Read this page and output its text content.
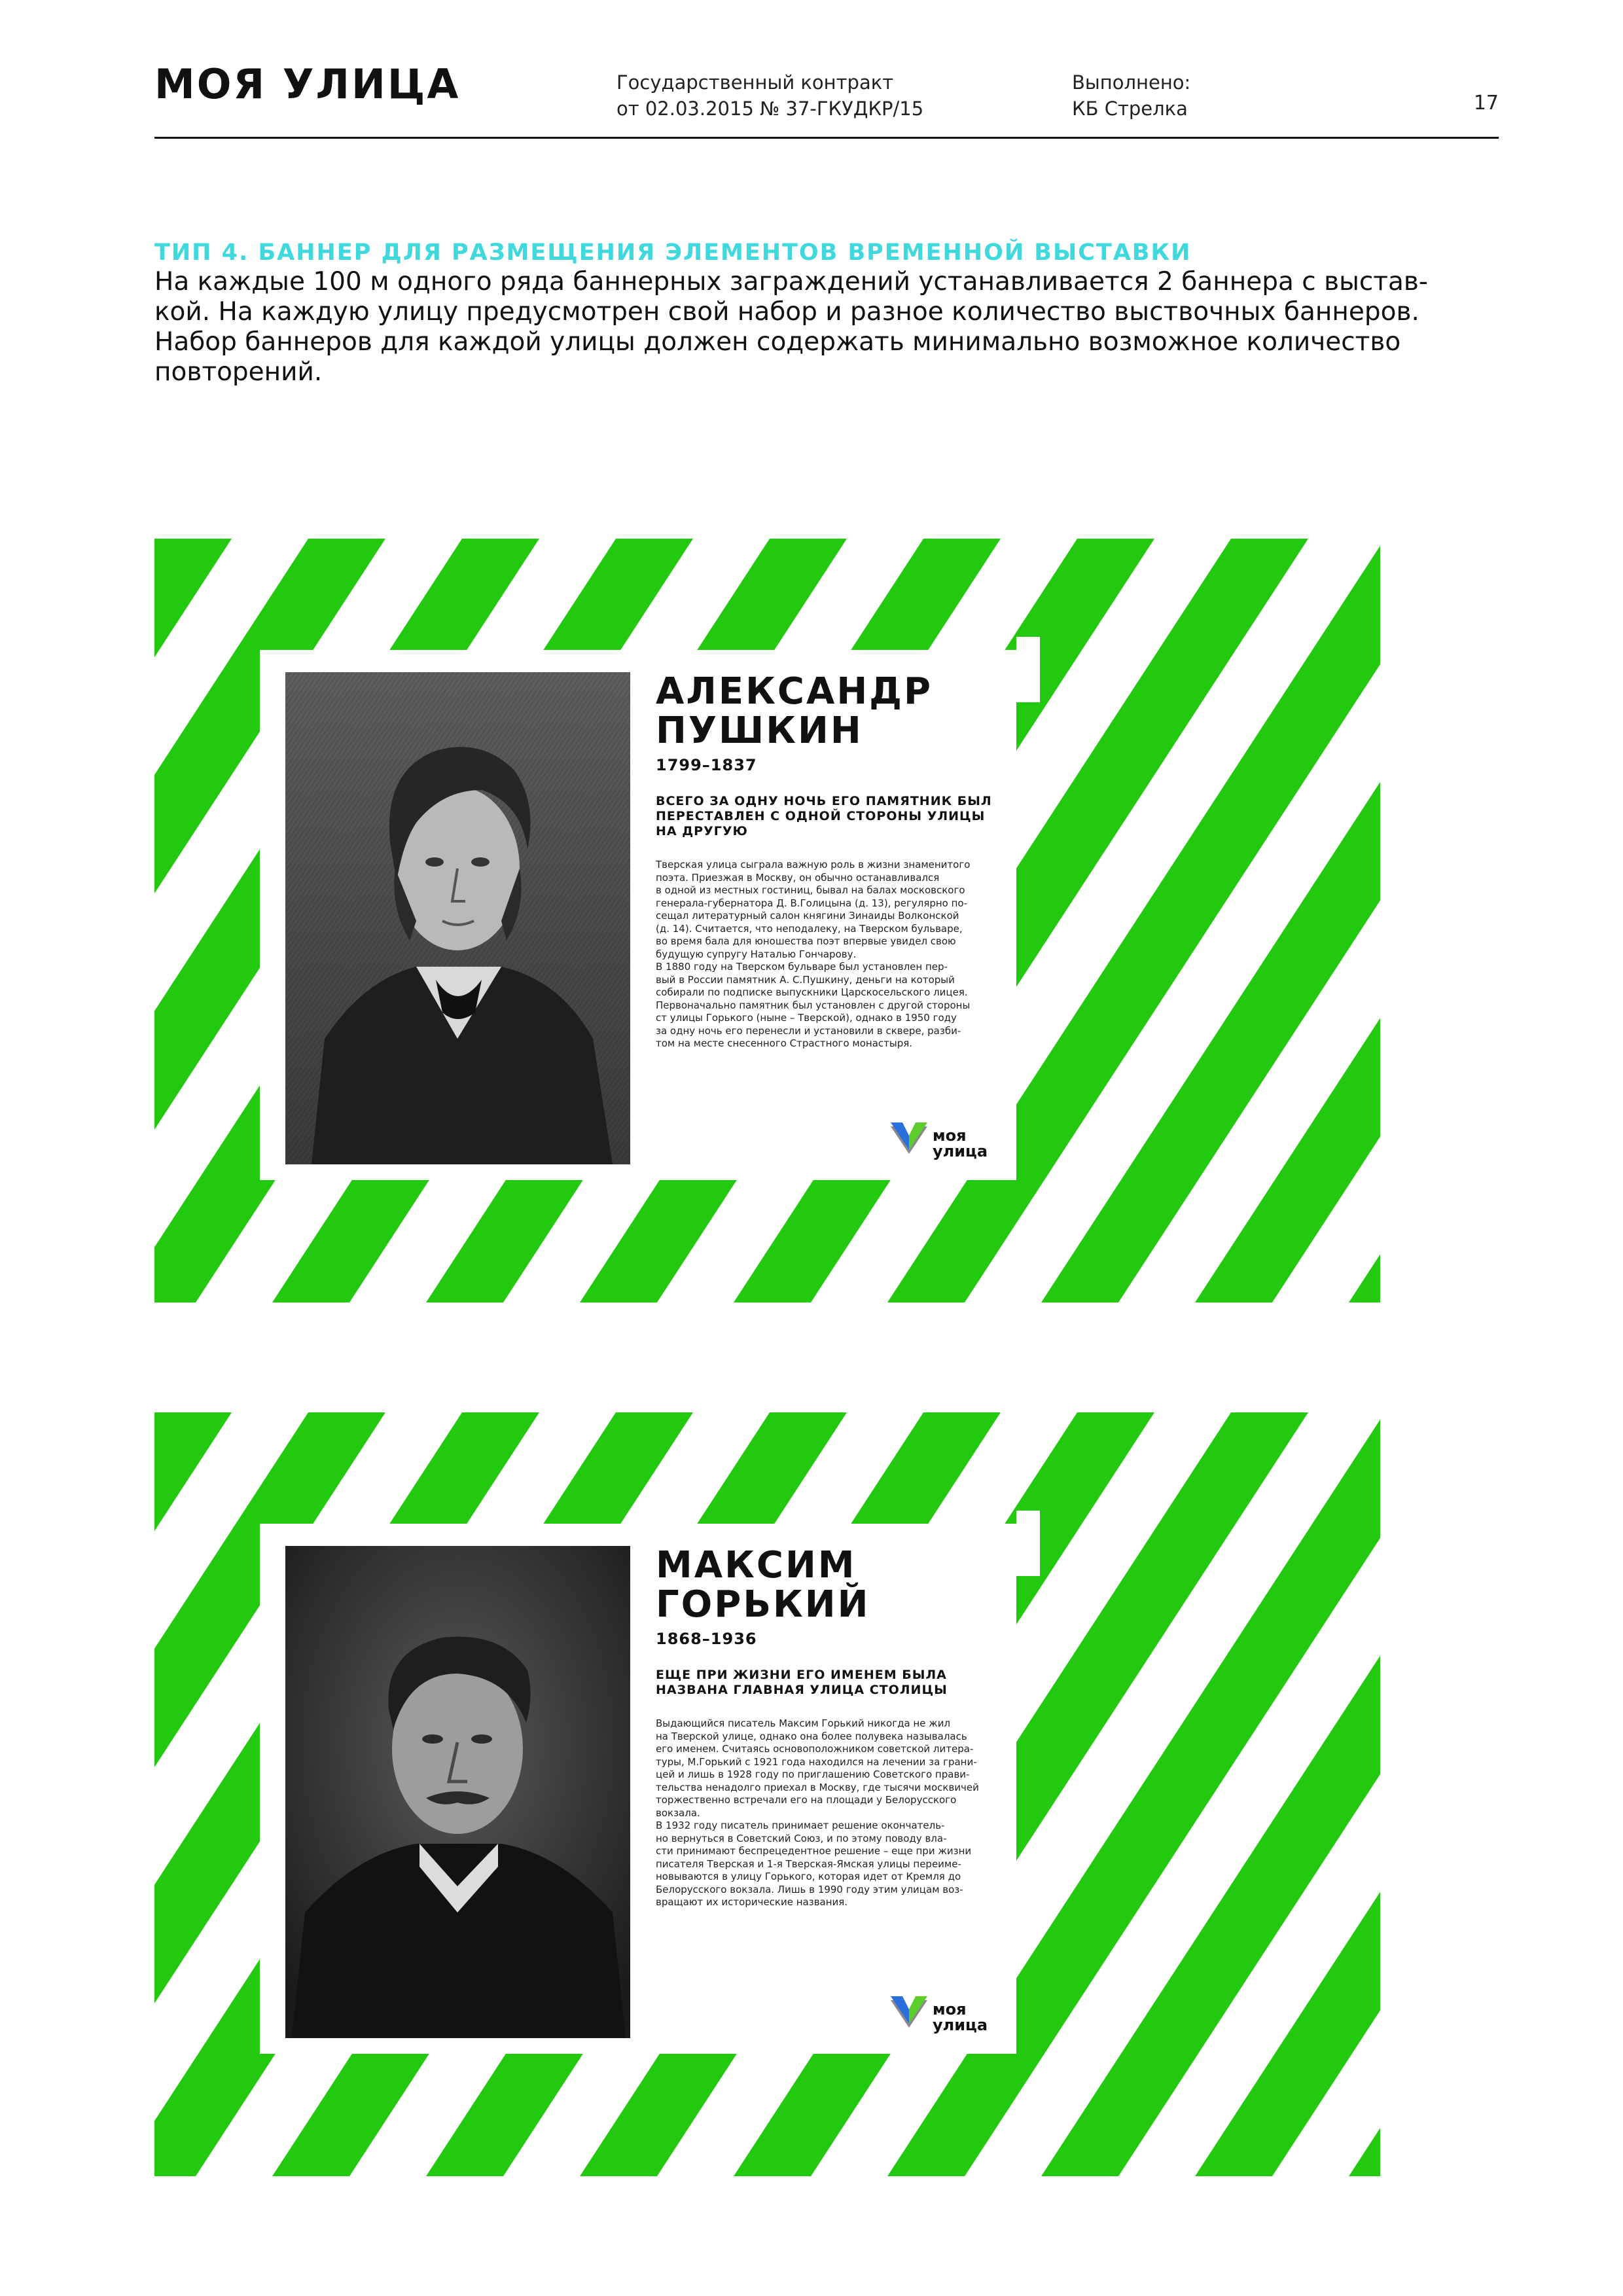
МОЯ УЛИЦА	Государственный контракт
от 02.03.2015 № 37-ГКУДКР/15
Выполнено:
КБ Стрелка	17
ТИП 4. БАННЕР ДЛЯ РАЗМЕЩЕНИЯ ЭЛЕМЕНТОВ ВРЕМЕННОЙ ВЫСТАВКИ
На каждые 100 м одного ряда баннерных заграждений устанавливается 2 баннера с выстав-
кой. На каждую улицу предусмотрен свой набор и разное количество выствочных баннеров.
Набор баннеров для каждой улицы должен содержать минимально возможное количество
повторений.
АЛЕКСАНДР
ПУШКИН
1799–1837
ВСЕГО ЗА ОДНУ НОЧЬ ЕГО ПАМЯТНИК БЫЛ
ПЕРЕСТАВЛЕН С ОДНОЙ СТОРОНЫ УЛИЦЫ
НА ДРУГУЮ
Тверская улица сыграла важную роль в жизни знаменитого
поэта. Приезжая в Москву, он обычно останавливался
в одной из местных гостиниц, бывал на балах московского
генерала-губернатора Д. В.Голицына (д. 13), регулярно по-
сещал литературный салон княгини Зинаиды Волконской
(д. 14). Считается, что неподалеку, на Тверском бульваре,
во время бала для юношества поэт впервые увидел свою
будущую супругу Наталью Гончарову.
В 1880 году на Тверском бульваре был установлен пер-
вый в России памятник А. С.Пушкину, деньги на который
собирали по подписке выпускники Царскосельского лицея.
Первоначально памятник был установлен с другой стороны
ст улицы Горького (ныне – Тверской), однако в 1950 году
за одну ночь его перенесли и установили в сквере, разби-
том на месте снесенного Страстного монастыря.
моя
улица
МАКСИМ
ГОРЬКИЙ
1868–1936
ЕЩЕ ПРИ ЖИЗНИ ЕГО ИМЕНЕМ БЫЛА
НАЗВАНА ГЛАВНАЯ УЛИЦА СТОЛИЦЫ
Выдающийся писатель Максим Горький никогда не жил
на Тверской улице, однако она более полувека называлась
его именем. Считаясь основоположником советской литера-
туры, М.Горький с 1921 года находился на лечении за грани-
цей и лишь в 1928 году по приглашению Советского прави-
тельства ненадолго приехал в Москву, где тысячи москвичей
торжественно встречали его на площади у Белорусского
вокзала.
В 1932 году писатель принимает решение окончатель-
но вернуться в Советский Союз, и по этому поводу вла-
сти принимают беспрецедентное решение – еще при жизни
писателя Тверская и 1-я Тверская-Ямская улицы переиме-
новываются в улицу Горького, которая идет от Кремля до
Белорусского вокзала. Лишь в 1990 году этим улицам воз-
вращают их исторические названия.
моя
улица
